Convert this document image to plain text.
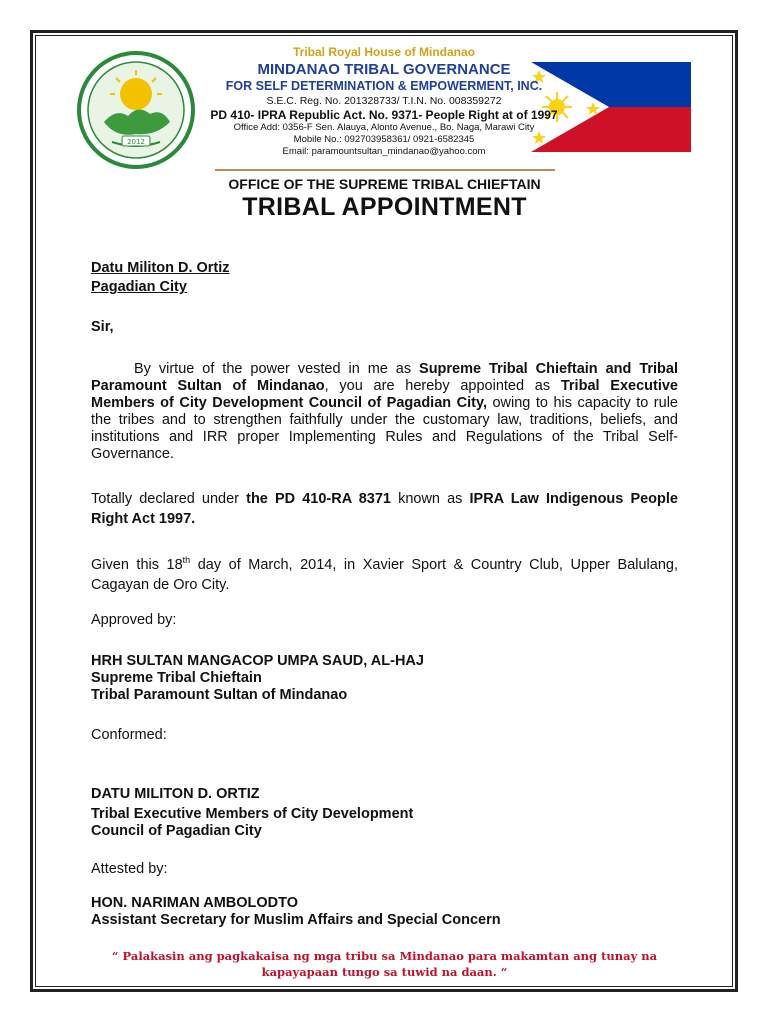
2012
Tribal Royal House of Mindanao
MINDANAO TRIBAL GOVERNANCE
FOR SELF DETERMINATION & EMPOWERMENT, INC.
S.E.C. Reg. No. 201328733/ T.I.N. No. 008359272
PD 410- IPRA Republic Act. No. 9371- People Right at of 1997
Office Add: 0356-F Sen. Alauya, Alonto Avenue., Bo. Naga, Marawi City
Mobile No.: 092703958361/ 0921-6582345
Email: paramountsultan_mindanao@yahoo.com
OFFICE OF THE SUPREME TRIBAL CHIEFTAIN
TRIBAL APPOINTMENT
Datu Militon D. Ortiz
Pagadian City
Sir,
By virtue of the power vested in me as Supreme Tribal Chieftain and Tribal Paramount Sultan of Mindanao, you are hereby appointed as Tribal Executive Members of City Development Council of Pagadian City, owing to his capacity to rule the tribes and to strengthen faithfully under the customary law, traditions, beliefs, and institutions and IRR proper Implementing Rules and Regulations of the Tribal Self-Governance.
Totally declared under the PD 410-RA 8371 known as IPRA Law Indigenous People Right Act 1997.
Given this 18th day of March, 2014, in Xavier Sport & Country Club, Upper Balulang, Cagayan de Oro City.
Approved by:
HRH SULTAN MANGACOP UMPA SAUD, AL-HAJ
Supreme Tribal Chieftain
Tribal Paramount Sultan of Mindanao
Conformed:
DATU MILITON D. ORTIZ
Tribal Executive Members of City Development
Council of Pagadian City
Attested by:
HON. NARIMAN AMBOLODTO
Assistant Secretary for Muslim Affairs and Special Concern
“ Palakasin ang pagkakaisa ng mga tribu sa Mindanao para makamtan ang tunay na kapayapaan tungo sa tuwid na daan. “
